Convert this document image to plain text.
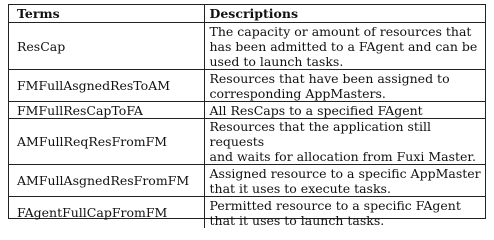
Terms	Descriptions
ResCap	The capacity or amount of resources that
has been admitted to a FAgent and can be
used to launch tasks.

FMFullAsgnedResToAM	Resources that have been assigned to
corresponding AppMasters.

FMFullResCapToFA	All ResCaps to a specified FAgent

AMFullReqResFromFM	Resources that the application still requests
and waits for allocation from Fuxi Master.

AMFullAsgnedResFromFM	Assigned resource to a specific AppMaster
that it uses to execute tasks.

FAgentFullCapFromFM	Permitted resource to a specific FAgent
that it uses to launch tasks.
